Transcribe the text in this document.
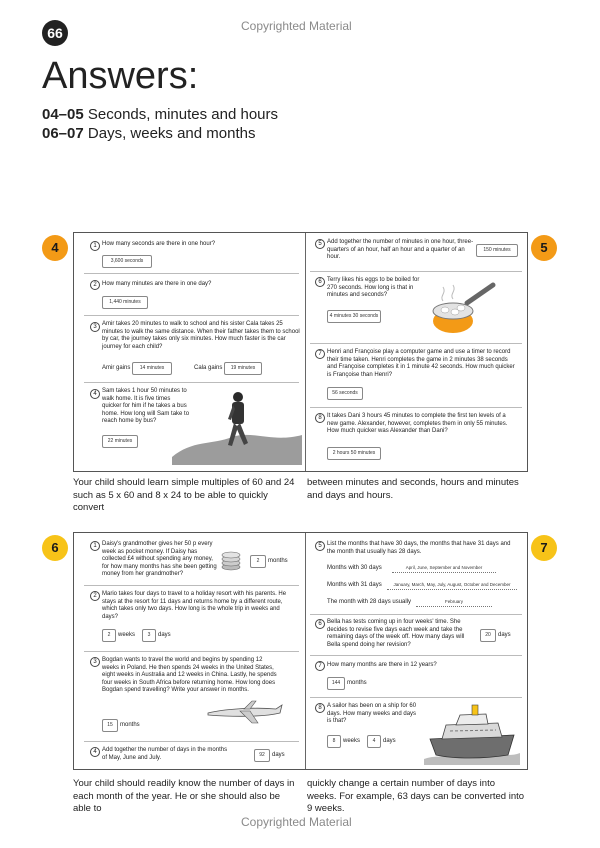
66	Copyrighted Material
Answers:
04–05 Seconds, minutes and hours
06–07 Days, weeks and months
4	5
1 How many seconds are there in one hour?
3,600 seconds
2 How many minutes are there in one day?
1,440 minutes
3 Amir takes 20 minutes to walk to school and his sister Cala takes 25 minutes to walk the same distance. When their father takes them to school by car, the journey takes only six minutes. How much faster is the car journey for each child?
Amir gains	14 minutes	Cala gains	19 minutes
4 Sam takes 1 hour 50 minutes to walk home. It is five times quicker for him if he takes a bus home. How long will Sam take to reach home by bus?
22 minutes
5 Add together the number of minutes in one hour, three-quarters of an hour, half an hour and a quarter of an hour.
150 minutes
6 Terry likes his eggs to be boiled for 270 seconds. How long is that in minutes and seconds?
4 minutes 30 seconds
7 Henri and Françoise play a computer game and use a timer to record their time taken. Henri completes the game in 2 minutes 38 seconds and Françoise completes it in 1 minute 42 seconds. How much quicker is Françoise than Henri?
56 seconds
8 It takes Dani 3 hours 45 minutes to complete the first ten levels of a new game. Alexander, however, completes them in only 55 minutes. How much quicker was Alexander than Dani?
2 hours 50 minutes
Your child should learn simple multiples of 60 and 24 such as 5 x 60 and 8 x 24 to be able to quickly convert
between minutes and seconds, hours and minutes and days and hours.
6	7
1 Daisy's grandmother gives her 50 p every week as pocket money. If Daisy has collected £4 without spending any money, for how many months has she been getting money from her grandmother?
2	months
2 Mario takes four days to travel to a holiday resort with his parents. He stays at the resort for 11 days and returns home by a different route, which takes only two days. How long is the whole trip in weeks and days?
2	weeks	3	days
3 Bogdan wants to travel the world and begins by spending 12 weeks in Poland. He then spends 24 weeks in the United States, eight weeks in Australia and 12 weeks in China. Lastly, he spends four weeks in South Africa before returning home. How long does Bogdan spend travelling? Write your answer in months.
15	months
4 Add together the number of days in the months of May, June and July.	92	days
5 List the months that have 30 days, the months that have 31 days and the month that usually has 28 days.
Months with 30 days	April, June, September and November
Months with 31 days	January, March, May, July, August, October and December
The month with 28 days usually	February
6 Bella has tests coming up in four weeks' time. She decides to revise five days each week and take the remaining days of the week off. How many days will Bella spend doing her revision?
20	days
7 How many months are there in 12 years?
144	months
8 A sailor has been on a ship for 60 days. How many weeks and days is that?
8	weeks	4	days
Your child should readily know the number of days in each month of the year. He or she should also be able to
quickly change a certain number of days into weeks. For example, 63 days can be converted into 9 weeks.
Copyrighted Material
